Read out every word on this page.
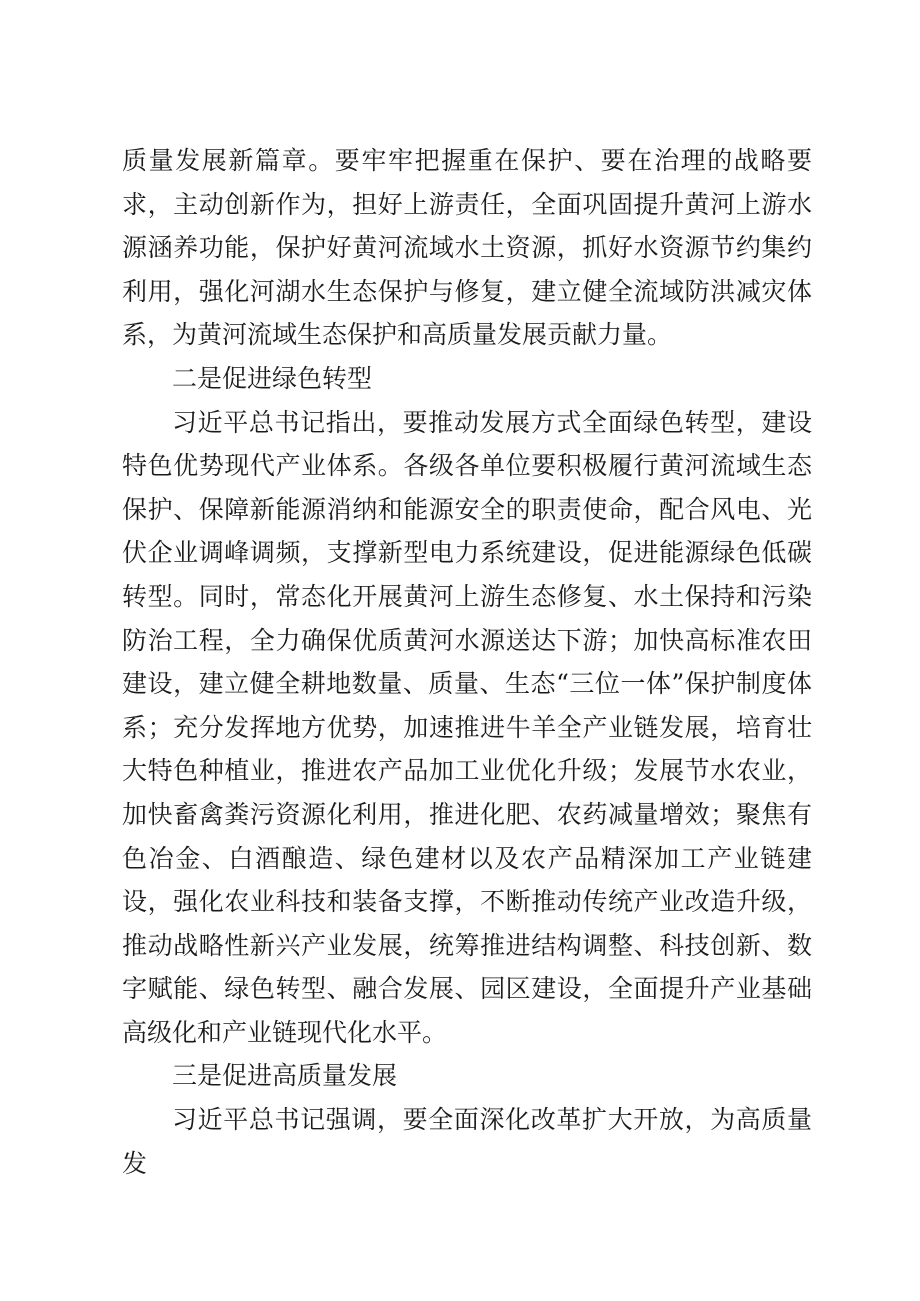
质量发展新篇章。要牢牢把握重在保护、要在治理的战略要求，主动创新作为，担好上游责任，全面巩固提升黄河上游水源涵养功能，保护好黄河流域水土资源，抓好水资源节约集约利用，强化河湖水生态保护与修复，建立健全流域防洪减灾体系，为黄河流域生态保护和高质量发展贡献力量。

二是促进绿色转型

习近平总书记指出，要推动发展方式全面绿色转型，建设特色优势现代产业体系。各级各单位要积极履行黄河流域生态保护、保障新能源消纳和能源安全的职责使命，配合风电、光伏企业调峰调频，支撑新型电力系统建设，促进能源绿色低碳转型。同时，常态化开展黄河上游生态修复、水土保持和污染防治工程，全力确保优质黄河水源送达下游；加快高标准农田建设，建立健全耕地数量、质量、生态“三位一体”保护制度体系；充分发挥地方优势，加速推进牛羊全产业链发展，培育壮大特色种植业，推进农产品加工业优化升级；发展节水农业，加快畜禽粪污资源化利用，推进化肥、农药减量增效；聚焦有色冶金、白酒酿造、绿色建材以及农产品精深加工产业链建设，强化农业科技和装备支撑，不断推动传统产业改造升级，推动战略性新兴产业发展，统筹推进结构调整、科技创新、数字赋能、绿色转型、融合发展、园区建设，全面提升产业基础高级化和产业链现代化水平。

三是促进高质量发展

习近平总书记强调，要全面深化改革扩大开放，为高质量发
